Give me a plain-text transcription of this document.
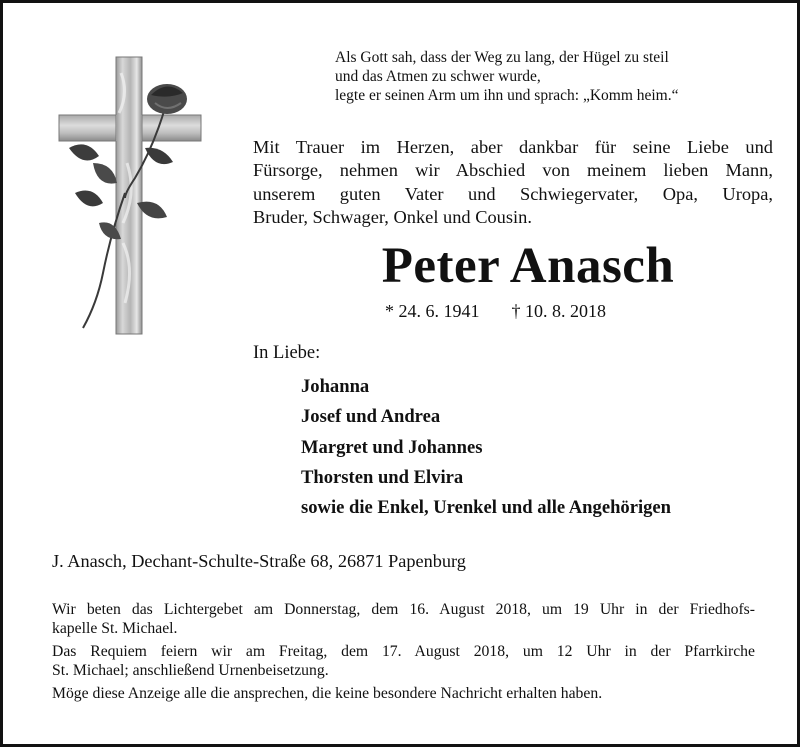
Als Gott sah, dass der Weg zu lang, der Hügel zu steil
und das Atmen zu schwer wurde,
legte er seinen Arm um ihn und sprach: „Komm heim.“
Mit Trauer im Herzen, aber dankbar für seine Liebe und
Fürsorge, nehmen wir Abschied von meinem lieben Mann,
unserem guten Vater und Schwiegervater, Opa, Uropa,
Bruder, Schwager, Onkel und Cousin.
Peter Anasch
* 24. 6. 1941 † 10. 8. 2018
In Liebe:
Johanna
Josef und Andrea
Margret und Johannes
Thorsten und Elvira
sowie die Enkel, Urenkel und alle Angehörigen
J. Anasch, Dechant-Schulte-Straße 68, 26871 Papenburg

Wir beten das Lichtergebet am Donnerstag, dem 16. August 2018, um 19 Uhr in der Friedhofs-
kapelle St. Michael.

Das Requiem feiern wir am Freitag, dem 17. August 2018, um 12 Uhr in der Pfarrkirche
St. Michael; anschließend Urnenbeisetzung.

Möge diese Anzeige alle die ansprechen, die keine besondere Nachricht erhalten haben.
